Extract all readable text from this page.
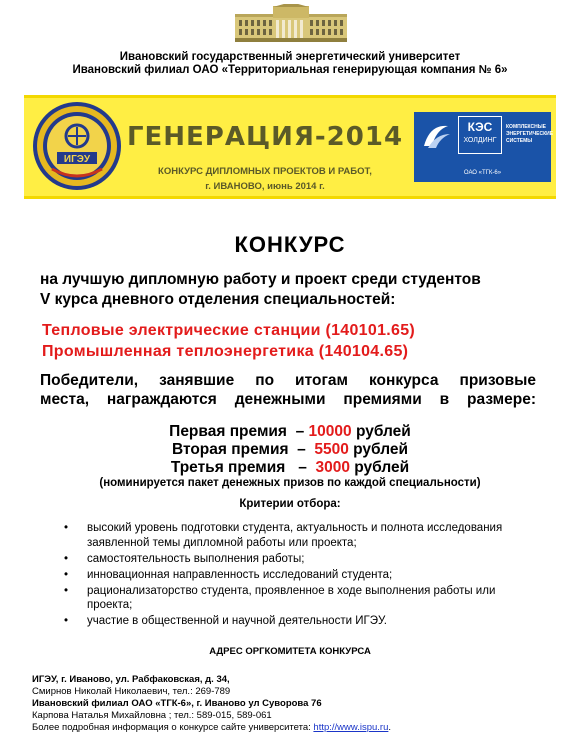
Ивановский государственный энергетический университет
Ивановский филиал ОАО «Территориальная генерирующая компания № 6»
ИГЭУ
ГЕНЕРАЦИЯ-2014
КОНКУРС ДИПЛОМНЫХ ПРОЕКТОВ И РАБОТ,
г. ИВАНОВО, июнь 2014 г.
КЭС
ХОЛДИНГ
КОМПЛЕКСНЫЕ
ЭНЕРГЕТИЧЕСКИЕ
СИСТЕМЫ
ОАО «ТГК-6»
КОНКУРС
на лучшую дипломную работу и проект среди студентов
V курса дневного отделения специальностей:
Тепловые электрические станции (140101.65)
Промышленная теплоэнергетика (140104.65)
Победители, занявшие по итогам конкурса призовые
места, награждаются денежными премиями в размере:
Первая премия  – 10000 рублей
Вторая премия  –  5500 рублей
Третья премия   –  3000 рублей
(номинируется пакет денежных призов по каждой специальности)
Критерии отбора:
• высокий уровень подготовки студента, актуальность и полнота исследования заявленной темы дипломной работы или проекта;
• самостоятельность выполнения работы;
• инновационная направленность исследований студента;
• рационализаторство студента, проявленное в ходе выполнения работы или проекта;
• участие в общественной и научной деятельности ИГЭУ.
АДРЕС ОРГКОМИТЕТА КОНКУРСА
ИГЭУ, г. Иваново, ул. Рабфаковская, д. 34,
Смирнов Николай Николаевич, тел.: 269-789
Ивановский филиал ОАО «ТГК-6», г. Иваново ул Суворова 76
Карпова Наталья Михайловна ; тел.: 589-015, 589-061
Более подробная информация о конкурсе сайте университета: http://www.ispu.ru.
